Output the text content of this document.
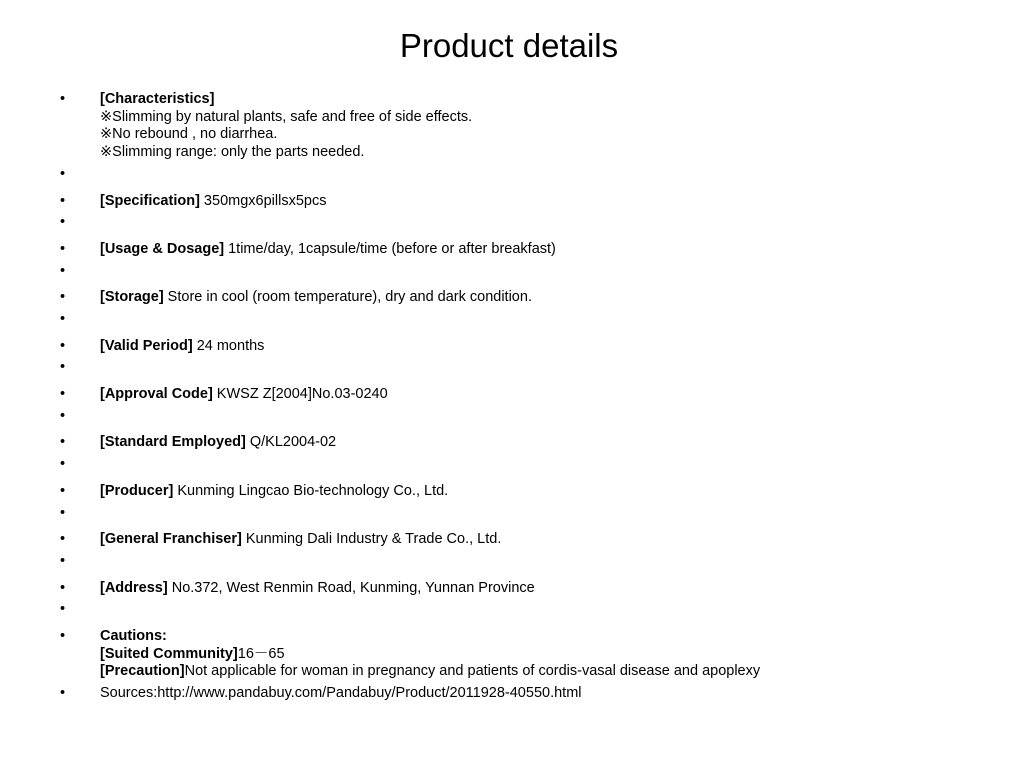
Product details
•	[Characteristics]
※Slimming by natural plants, safe and free of side effects.
※No rebound , no diarrhea.
※Slimming range: only the parts needed.
•
•	[Specification] 350mgx6pillsx5pcs
•
•	[Usage & Dosage] 1time/day, 1capsule/time (before or after breakfast)
•
•	[Storage] Store in cool (room temperature), dry and dark condition.
•
•	[Valid Period] 24 months
•
•	[Approval Code] KWSZ Z[2004]No.03-0240
•
•	[Standard Employed] Q/KL2004-02
•
•	[Producer] Kunming Lingcao Bio-technology Co., Ltd.
•
•	[General Franchiser] Kunming Dali Industry & Trade Co., Ltd.
•
•	[Address] No.372, West Renmin Road, Kunming, Yunnan Province
•
•	Cautions:
[Suited Community]16－65
[Precaution]Not applicable for woman in pregnancy and patients of cordis-vasal disease and apoplexy
•	Sources:http://www.pandabuy.com/Pandabuy/Product/2011928-40550.html
